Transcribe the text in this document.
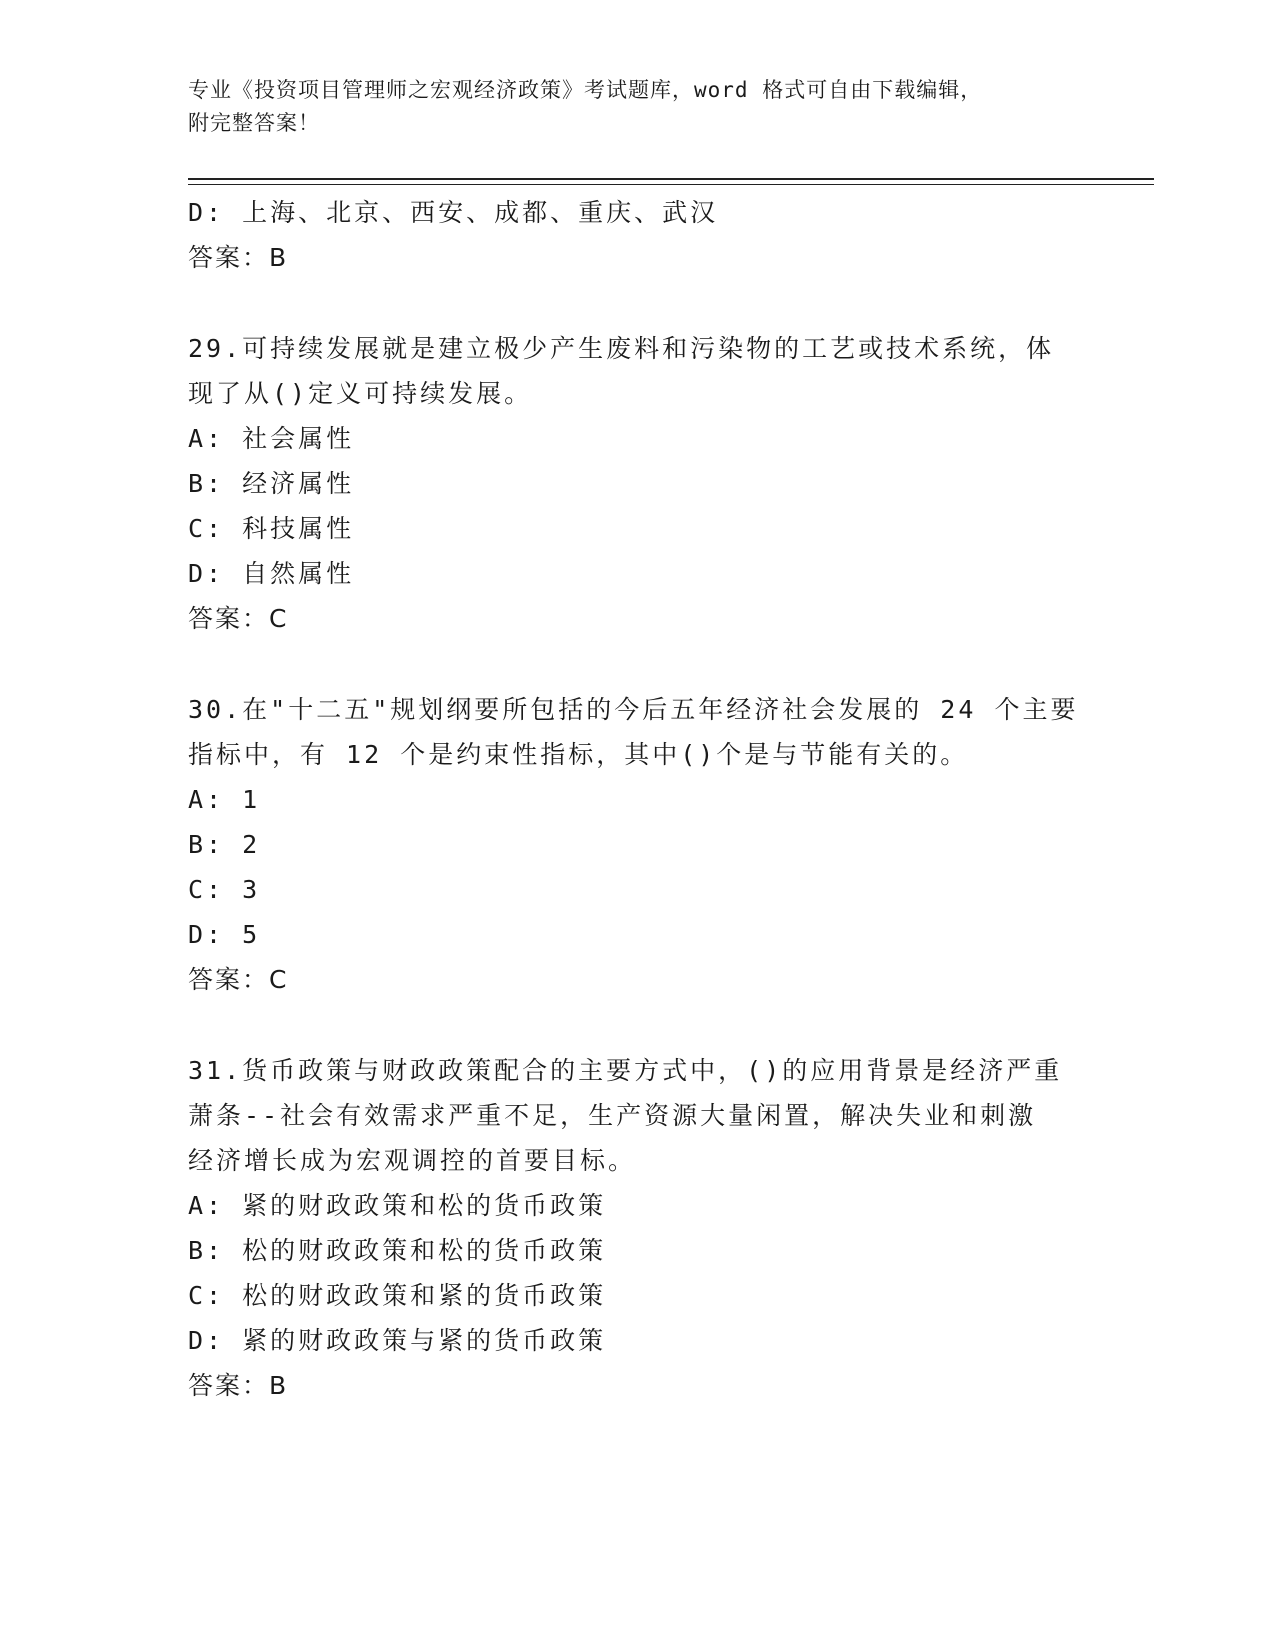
专业《投资项目管理师之宏观经济政策》考试题库，word 格式可自由下载编辑，
附完整答案！
D: 上海、北京、西安、成都、重庆、武汉
答案：B
29.可持续发展就是建立极少产生废料和污染物的工艺或技术系统，体
现了从()定义可持续发展。
A: 社会属性
B: 经济属性
C: 科技属性
D: 自然属性
答案：C
30.在"十二五"规划纲要所包括的今后五年经济社会发展的 24 个主要
指标中，有 12 个是约束性指标，其中()个是与节能有关的。
A: 1
B: 2
C: 3
D: 5
答案：C
31.货币政策与财政政策配合的主要方式中，()的应用背景是经济严重
萧条--社会有效需求严重不足，生产资源大量闲置，解决失业和刺激
经济增长成为宏观调控的首要目标。
A: 紧的财政政策和松的货币政策
B: 松的财政政策和松的货币政策
C: 松的财政政策和紧的货币政策
D: 紧的财政政策与紧的货币政策
答案：B
